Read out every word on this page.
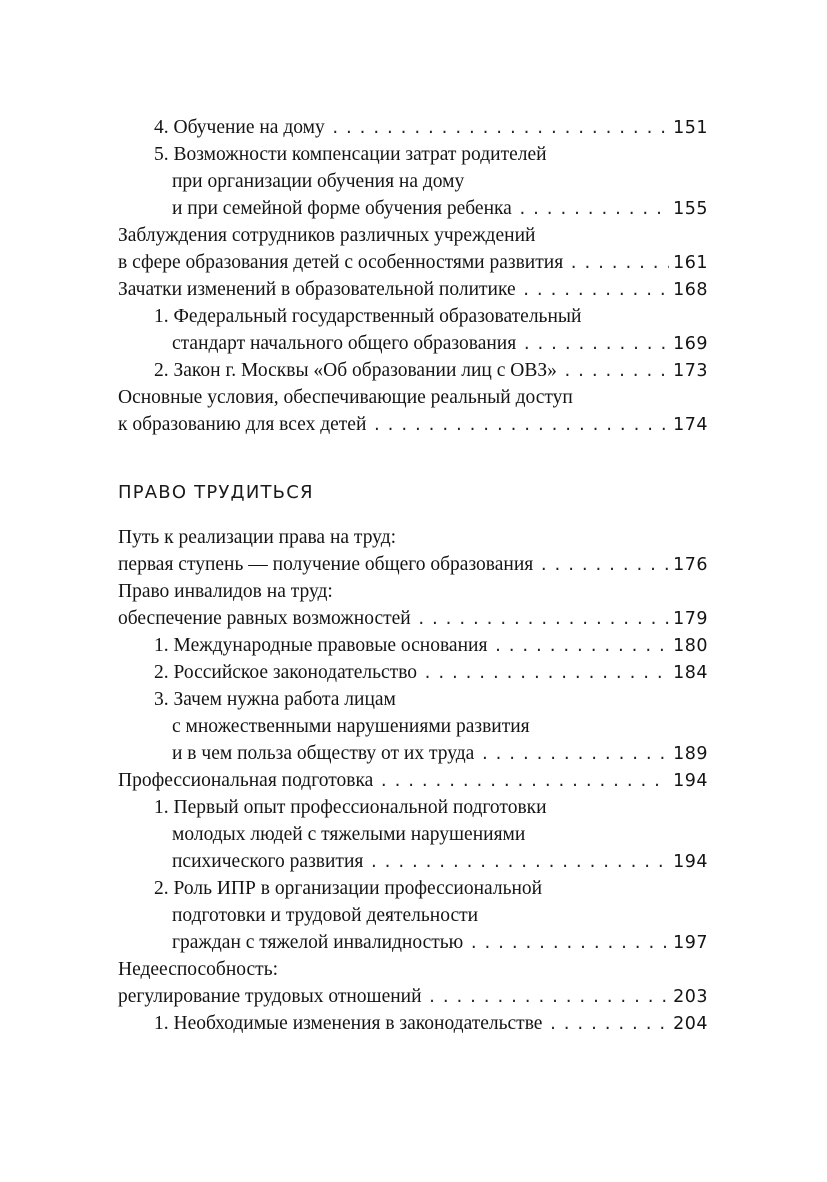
4. Обучение на дому . . .	151
5. Возможности компенсации затрат родителей
при организации обучения на дому
и при семейной форме обучения ребенка . . .	155
Заблуждения сотрудников различных учреждений
в сфере образования детей с особенностями развития . . .	161
Зачатки изменений в образовательной политике . . .	168
1. Федеральный государственный образовательный
стандарт начального общего образования . . .	169
2. Закон г. Москвы «Об образовании лиц с ОВЗ» . . .	173
Основные условия, обеспечивающие реальный доступ
к образованию для всех детей . . .	174
ПРАВО ТРУДИТЬСЯ
Путь к реализации права на труд:
первая ступень — получение общего образования . . .	176
Право инвалидов на труд:
обеспечение равных возможностей . . .	179
1. Международные правовые основания . . .	180
2. Российское законодательство . . .	184
3. Зачем нужна работа лицам
с множественными нарушениями развития
и в чем польза обществу от их труда . . .	189
Профессиональная подготовка . . .	194
1. Первый опыт профессиональной подготовки
молодых людей с тяжелыми нарушениями
психического развития . . .	194
2. Роль ИПР в организации профессиональной
подготовки и трудовой деятельности
граждан с тяжелой инвалидностью . . .	197
Недееспособность:
регулирование трудовых отношений . . .	203
1. Необходимые изменения в законодательстве . . .	204
